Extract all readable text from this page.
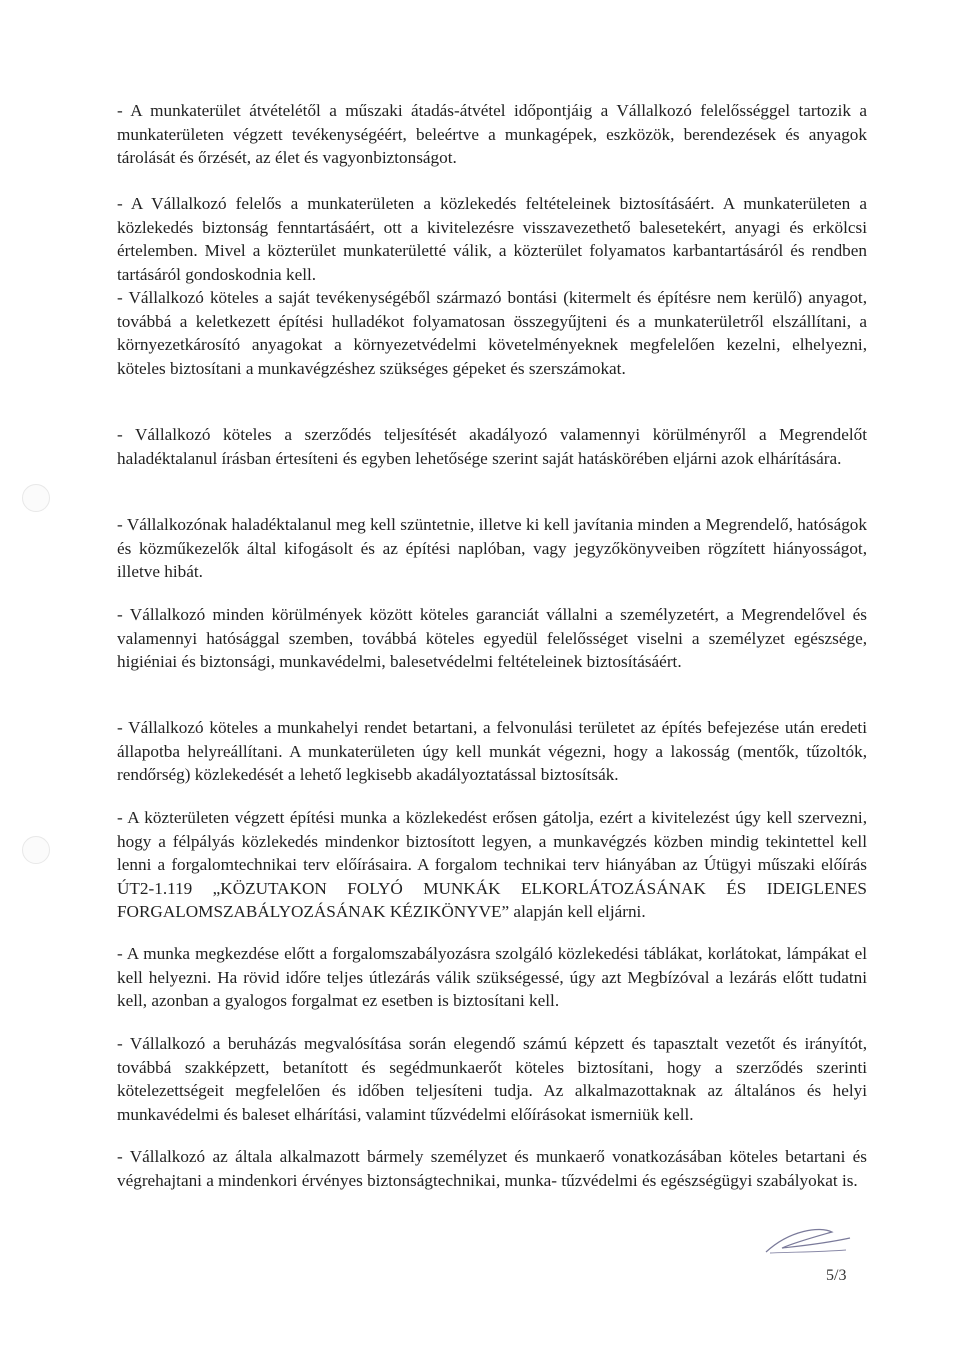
- A munkaterület átvételétől a műszaki átadás-átvétel időpontjáig a Vállalkozó felelősséggel tartozik a munkaterületen végzett tevékenységéért, beleértve a munkagépek, eszközök, berendezések és anyagok tárolását és őrzését, az élet és vagyonbiztonságot.

- A Vállalkozó felelős a munkaterületen a közlekedés feltételeinek biztosításáért. A munkaterületen a közlekedés biztonság fenntartásáért, ott a kivitelezésre visszavezethető balesetekért, anyagi és erkölcsi értelemben. Mivel a közterület munkaterületté válik, a közterület folyamatos karbantartásáról és rendben tartásáról gondoskodnia kell.

- Vállalkozó köteles a saját tevékenységéből származó bontási (kitermelt és építésre nem kerülő) anyagot, továbbá a keletkezett építési hulladékot folyamatosan összegyűjteni és a munkaterületről elszállítani, a környezetkárosító anyagokat a környezetvédelmi követelményeknek megfelelően kezelni, elhelyezni, köteles biztosítani a munkavégzéshez szükséges gépeket és szerszámokat.

- Vállalkozó köteles a szerződés teljesítését akadályozó valamennyi körülményről a Megrendelőt haladéktalanul írásban értesíteni és egyben lehetősége szerint saját hatáskörében eljárni azok elhárítására.

- Vállalkozónak haladéktalanul meg kell szüntetnie, illetve ki kell javítania minden a Megrendelő, hatóságok és közműkezelők által kifogásolt és az építési naplóban, vagy jegyzőkönyveiben rögzített hiányosságot, illetve hibát.

- Vállalkozó minden körülmények között köteles garanciát vállalni a személyzetért, a Megrendelővel és valamennyi hatósággal szemben, továbbá köteles egyedül felelősséget viselni a személyzet egészsége, higiéniai és biztonsági, munkavédelmi, balesetvédelmi feltételeinek biztosításáért.

- Vállalkozó köteles a munkahelyi rendet betartani, a felvonulási területet az építés befejezése után eredeti állapotba helyreállítani. A munkaterületen úgy kell munkát végezni, hogy a lakosság (mentők, tűzoltók, rendőrség) közlekedését a lehető legkisebb akadályoztatással biztosítsák.

- A közterületen végzett építési munka a közlekedést erősen gátolja, ezért a kivitelezést úgy kell szervezni, hogy a félpályás közlekedés mindenkor biztosított legyen, a munkavégzés közben mindig tekintettel kell lenni a forgalomtechnikai terv előírásaira. A forgalom technikai terv hiányában az Útügyi műszaki előírás ÚT2-1.119 „KÖZUTAKON FOLYÓ MUNKÁK ELKORLÁTOZÁSÁNAK ÉS IDEIGLENES FORGALOMSZABÁLYOZÁSÁNAK KÉZIKÖNYVE” alapján kell eljárni.

- A munka megkezdése előtt a forgalomszabályozásra szolgáló közlekedési táblákat, korlátokat, lámpákat el kell helyezni. Ha rövid időre teljes útlezárás válik szükségessé, úgy azt Megbízóval a lezárás előtt tudatni kell, azonban a gyalogos forgalmat ez esetben is biztosítani kell.

- Vállalkozó a beruházás megvalósítása során elegendő számú képzett és tapasztalt vezetőt és irányítót, továbbá szakképzett, betanított és segédmunkaerőt köteles biztosítani, hogy a szerződés szerinti kötelezettségeit megfelelően és időben teljesíteni tudja. Az alkalmazottaknak az általános és helyi munkavédelmi és baleset elhárítási, valamint tűzvédelmi előírásokat ismerniük kell.

- Vállalkozó az általa alkalmazott bármely személyzet és munkaerő vonatkozásában köteles betartani és végrehajtani a mindenkori érvényes biztonságtechnikai, munka- tűzvédelmi és egészségügyi szabályokat is.

5/3
